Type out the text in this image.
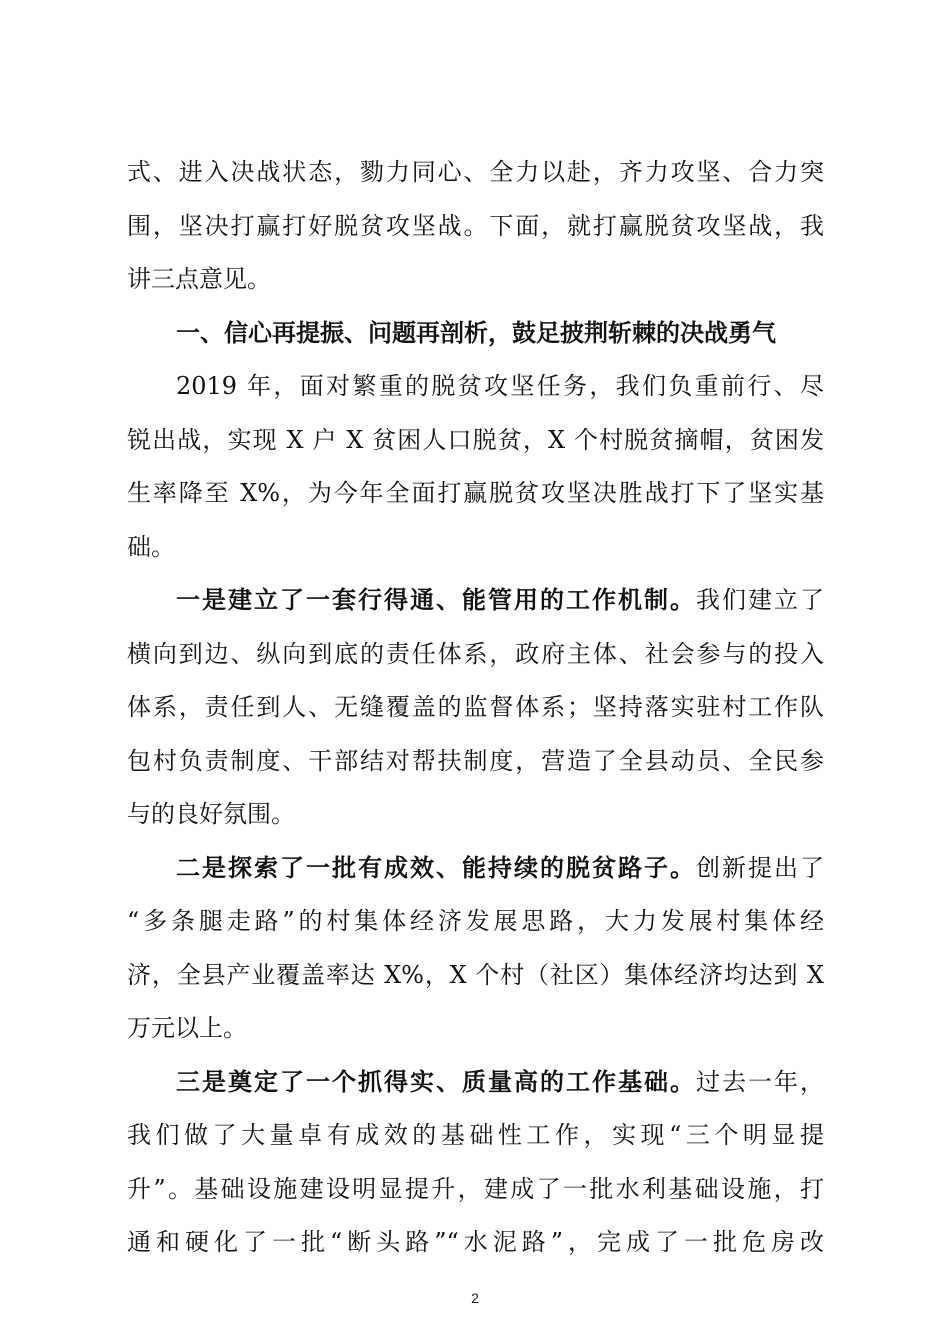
式、进入决战状态，勠力同心、全力以赴，齐力攻坚、合力突
围，坚决打赢打好脱贫攻坚战。下面，就打赢脱贫攻坚战，我
讲三点意见。
一、信心再提振、问题再剖析，鼓足披荆斩棘的决战勇气
2019 年，面对繁重的脱贫攻坚任务，我们负重前行、尽
锐出战，实现 X 户 X 贫困人口脱贫，X 个村脱贫摘帽，贫困发
生率降至 X%，为今年全面打赢脱贫攻坚决胜战打下了坚实基
础。
一是建立了一套行得通、能管用的工作机制。我们建立了
横向到边、纵向到底的责任体系，政府主体、社会参与的投入
体系，责任到人、无缝覆盖的监督体系；坚持落实驻村工作队
包村负责制度、干部结对帮扶制度，营造了全县动员、全民参
与的良好氛围。
二是探索了一批有成效、能持续的脱贫路子。创新提出了
“多条腿走路”的村集体经济发展思路，大力发展村集体经
济，全县产业覆盖率达 X%，X 个村（社区）集体经济均达到 X
万元以上。
三是奠定了一个抓得实、质量高的工作基础。过去一年，
我们做了大量卓有成效的基础性工作，实现“三个明显提
升”。基础设施建设明显提升，建成了一批水利基础设施，打
通和硬化了一批“断头路”“水泥路”，完成了一批危房改
2
